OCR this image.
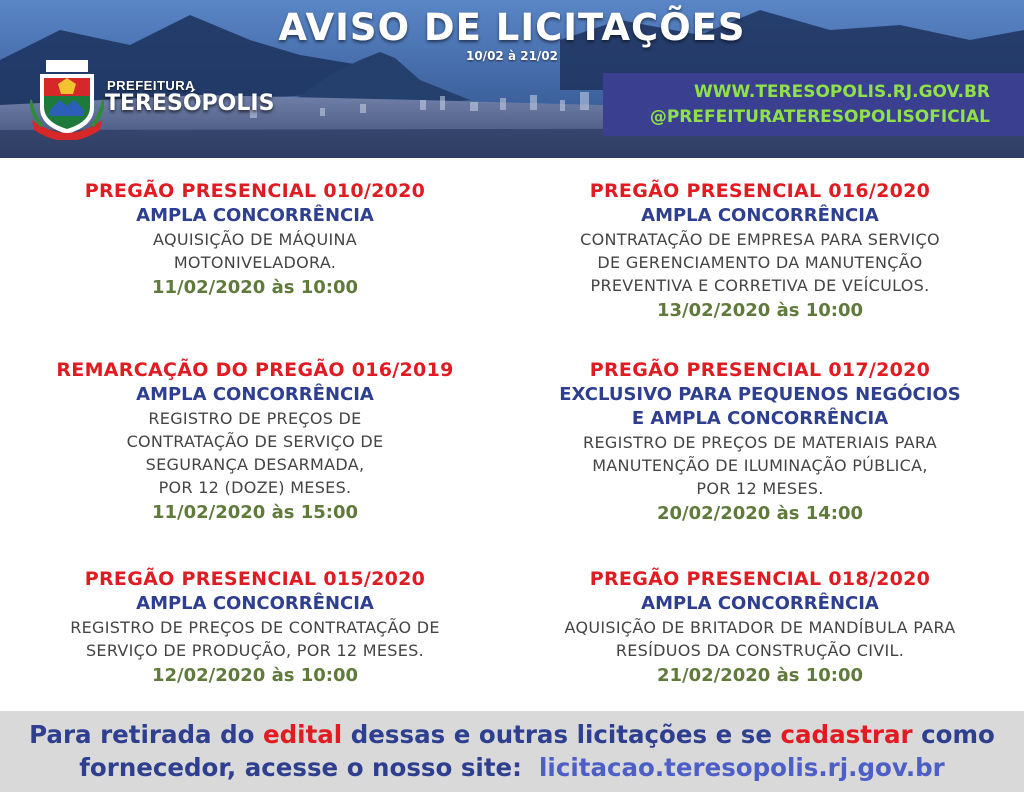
AVISO DE LICITAÇÕES
10/02 à 21/02
PREFEITURA
TERESÓPOLIS	WWW.TERESOPOLIS.RJ.GOV.BR
@PREFEITURATERESOPOLISOFICIAL
PREGÃO PRESENCIAL 010/2020
AMPLA CONCORRÊNCIA
AQUISIÇÃO DE MÁQUINA
MOTONIVELADORA.
11/02/2020 às 10:00
PREGÃO PRESENCIAL 016/2020
AMPLA CONCORRÊNCIA
CONTRATAÇÃO DE EMPRESA PARA SERVIÇO
DE GERENCIAMENTO DA MANUTENÇÃO
PREVENTIVA E CORRETIVA DE VEÍCULOS.
13/02/2020 às 10:00
REMARCAÇÃO DO PREGÃO 016/2019
AMPLA CONCORRÊNCIA
REGISTRO DE PREÇOS DE
CONTRATAÇÃO DE SERVIÇO DE
SEGURANÇA DESARMADA,
POR 12 (DOZE) MESES.
11/02/2020 às 15:00
PREGÃO PRESENCIAL 017/2020
EXCLUSIVO PARA PEQUENOS NEGÓCIOS
E AMPLA CONCORRÊNCIA
REGISTRO DE PREÇOS DE MATERIAIS PARA
MANUTENÇÃO DE ILUMINAÇÃO PÚBLICA,
POR 12 MESES.
20/02/2020 às 14:00
PREGÃO PRESENCIAL 015/2020
AMPLA CONCORRÊNCIA
REGISTRO DE PREÇOS DE CONTRATAÇÃO DE
SERVIÇO DE PRODUÇÃO, POR 12 MESES.
12/02/2020 às 10:00
PREGÃO PRESENCIAL 018/2020
AMPLA CONCORRÊNCIA
AQUISIÇÃO DE BRITADOR DE MANDÍBULA PARA
RESÍDUOS DA CONSTRUÇÃO CIVIL.
21/02/2020 às 10:00
Para retirada do edital dessas e outras licitações e se cadastrar como
fornecedor, acesse o nosso site:  licitacao.teresopolis.rj.gov.br
